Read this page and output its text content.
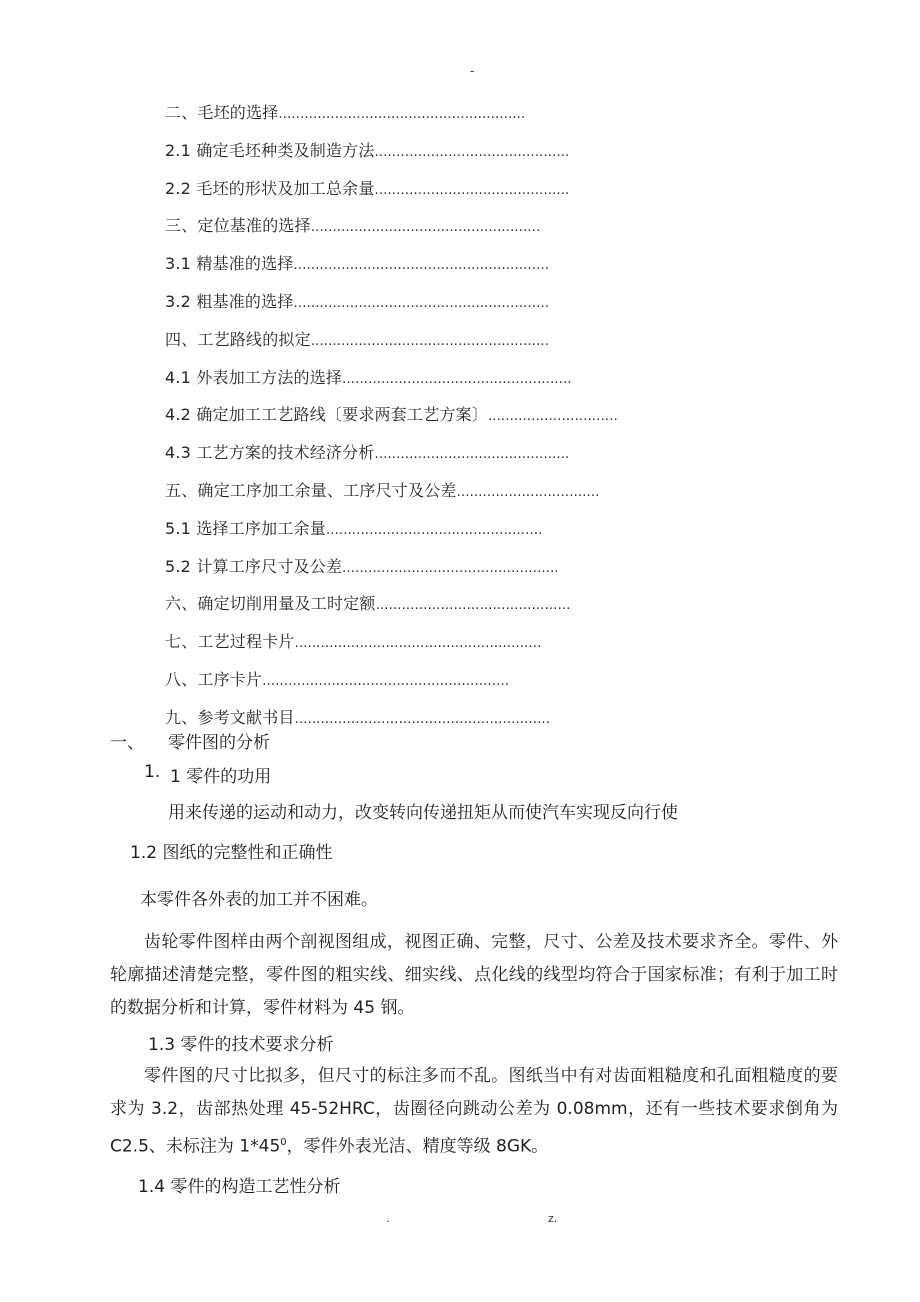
-
二、毛坯的选择.........................................................
2.1 确定毛坯种类及制造方法.............................................
2.2 毛坯的形状及加工总余量.............................................
三、定位基准的选择.....................................................
3.1 精基准的选择...........................................................
3.2 粗基准的选择...........................................................
四、工艺路线的拟定.......................................................
4.1 外表加工方法的选择.....................................................
4.2 确定加工工艺路线〔要求两套工艺方案〕..............................
4.3 工艺方案的技术经济分析.............................................
五、确定工序加工余量、工序尺寸及公差.................................
5.1 选择工序加工余量..................................................
5.2 计算工序尺寸及公差..................................................
六、确定切削用量及工时定额.............................................
七、工艺过程卡片.........................................................
八、工序卡片.........................................................
九、参考文献书目...........................................................
一、 零件图的分析
1. 1 零件的功用
用来传递的运动和动力，改变转向传递扭矩从而使汽车实现反向行使
1.2 图纸的完整性和正确性
本零件各外表的加工并不困难。
齿轮零件图样由两个剖视图组成，视图正确、完整，尺寸、公差及技术要求齐全。零件、外轮廓描述清楚完整，零件图的粗实线、细实线、点化线的线型均符合于国家标准；有利于加工时的数据分析和计算，零件材料为 45 钢。
1.3 零件的技术要求分析
零件图的尺寸比拟多，但尺寸的标注多而不乱。图纸当中有对齿面粗糙度和孔面粗糙度的要求为 3.2，齿部热处理 45-52HRC，齿圈径向跳动公差为 0.08mm，还有一些技术要求倒角为 C2.5、未标注为 $1*45^0$，零件外表光洁、精度等级 8GK。
1.4 零件的构造工艺性分析
.	z.
